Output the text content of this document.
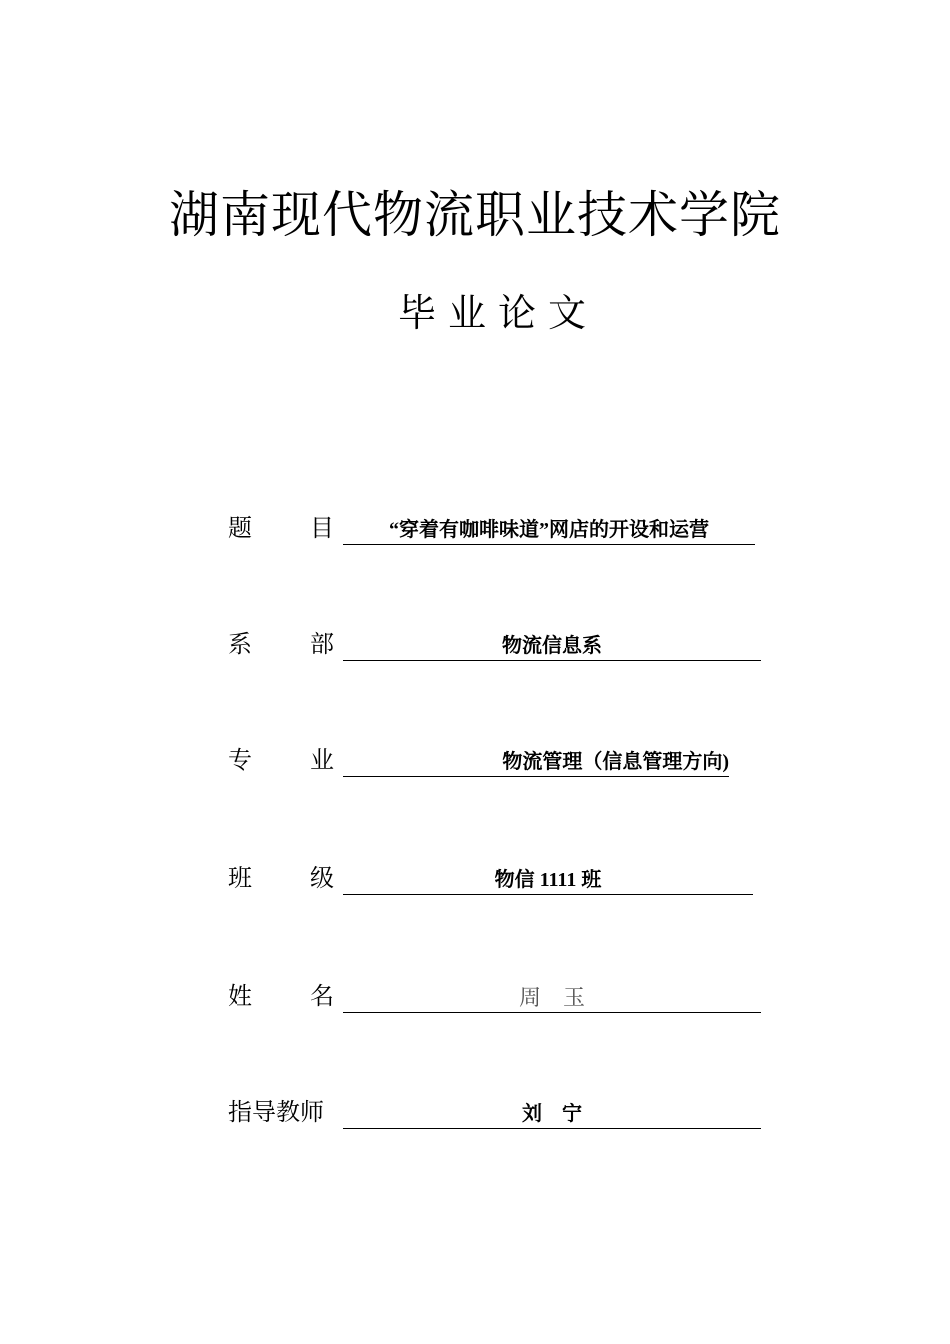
湖南现代物流职业技术学院
毕业论文
题 目	“穿着有咖啡味道”网店的开设和运营
系 部	物流信息系
专 业	物流管理（信息管理方向)
班 级	物信 1111 班
姓 名	周　玉
指导教师	刘　宁
